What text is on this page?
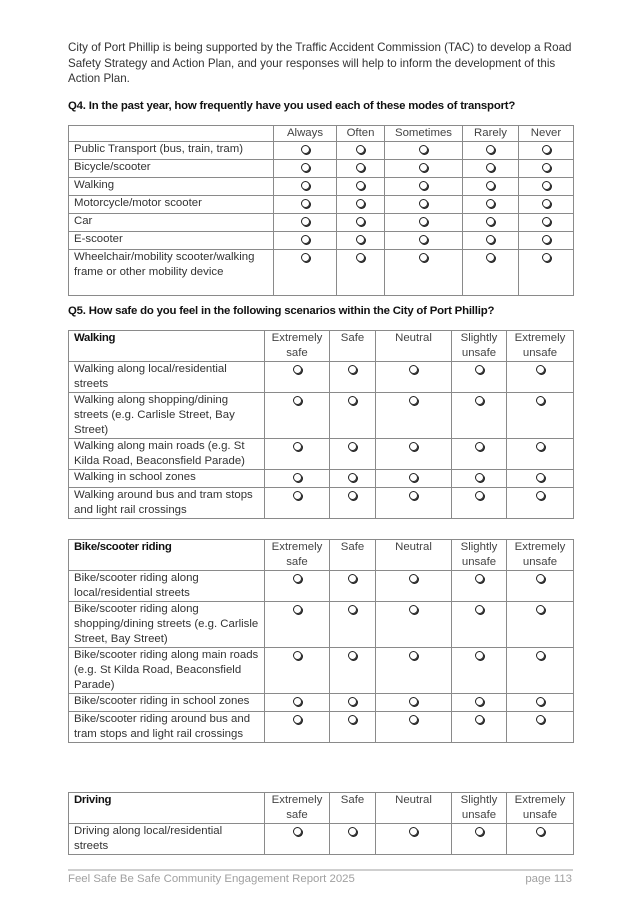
City of Port Phillip is being supported by the Traffic Accident Commission (TAC) to develop a Road Safety Strategy and Action Plan, and your responses will help to inform the development of this Action Plan.

Q4. In the past year, how frequently have you used each of these modes of transport?

	Always	Often	Sometimes	Rarely	Never
Public Transport (bus, train, tram)					
Bicycle/scooter					
Walking					
Motorcycle/motor scooter					
Car					
E-scooter					
Wheelchair/mobility scooter/walking frame or other mobility device					

Q5. How safe do you feel in the following scenarios within the City of Port Phillip?

Walking	Extremely safe	Safe	Neutral	Slightly unsafe	Extremely unsafe
Walking along local/residential streets					
Walking along shopping/dining streets (e.g. Carlisle Street, Bay Street)					
Walking along main roads (e.g. St Kilda Road, Beaconsfield Parade)					
Walking in school zones					
Walking around bus and tram stops and light rail crossings					
Bike/scooter riding	Extremely safe	Safe	Neutral	Slightly unsafe	Extremely unsafe
Bike/scooter riding along local/residential streets					
Bike/scooter riding along shopping/dining streets (e.g. Carlisle Street, Bay Street)					
Bike/scooter riding along main roads (e.g. St Kilda Road, Beaconsfield Parade)					
Bike/scooter riding in school zones					
Bike/scooter riding around bus and tram stops and light rail crossings					
Driving	Extremely safe	Safe	Neutral	Slightly unsafe	Extremely unsafe
Driving along local/residential streets					
Feel Safe Be Safe Community Engagement Report 2025	page 113
